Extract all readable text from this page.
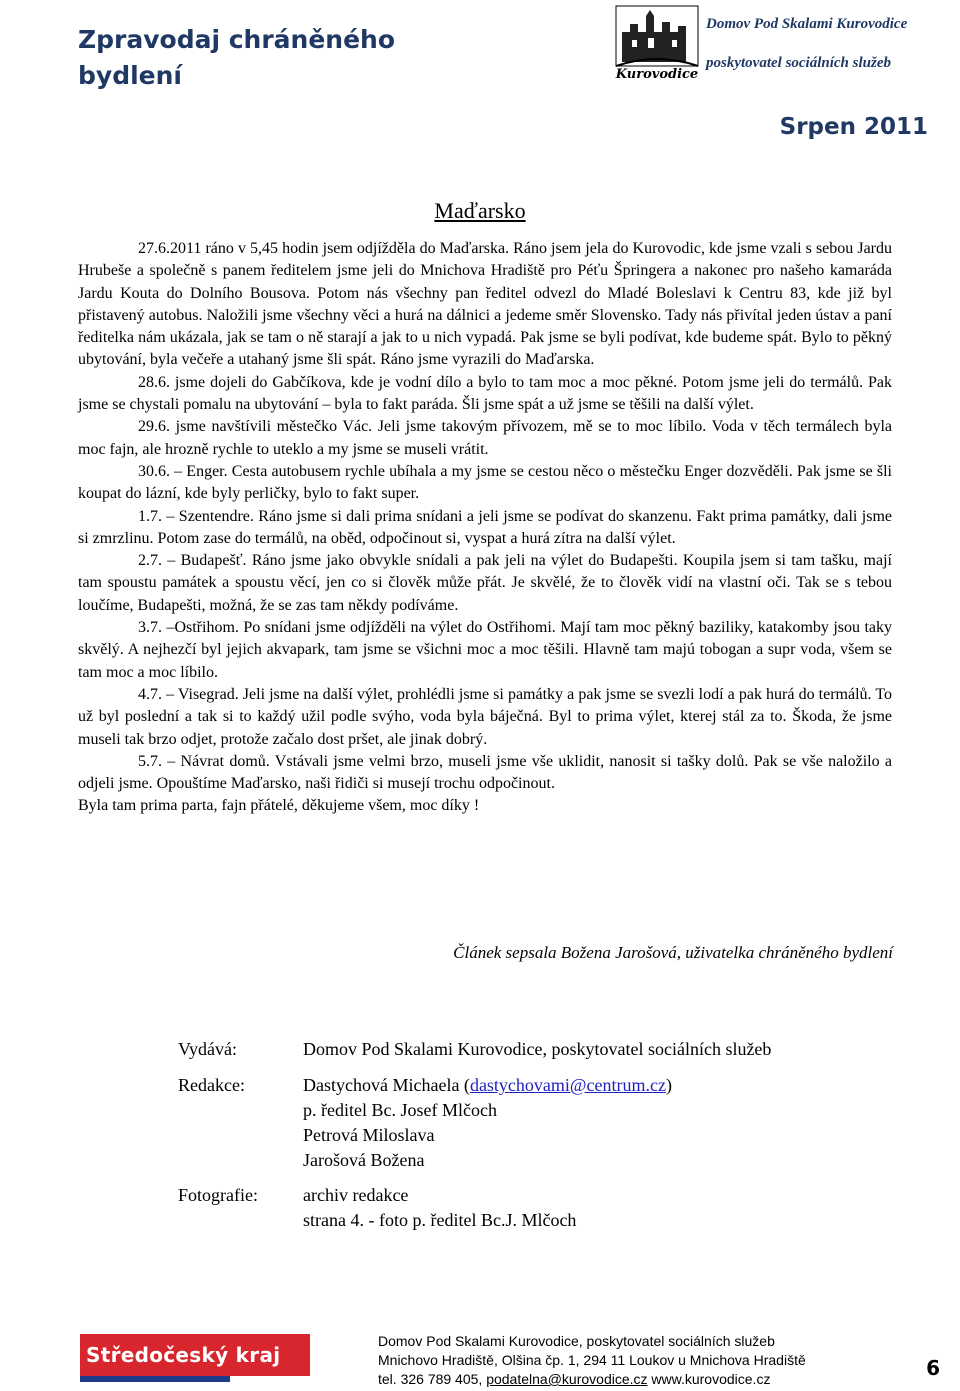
Zpravodaj chráněného bydlení	Kurovodice
Domov Pod Skalami Kurovodice
poskytovatel sociálních služeb
Srpen 2011
Maďarsko

27.6.2011 ráno v 5,45 hodin jsem odjížděla do Maďarska. Ráno jsem jela do Kurovodic, kde jsme vzali s sebou Jardu Hrubeše a společně s panem ředitelem jsme jeli do Mnichova Hradiště pro Péťu Špringera a nakonec pro našeho kamaráda Jardu Kouta do Dolního Bousova. Potom nás všechny pan ředitel odvezl do Mladé Boleslavi k Centru 83, kde již byl přistavený autobus. Naložili jsme všechny věci a hurá na dálnici a jedeme směr Slovensko. Tady nás přivítal jeden ústav a paní ředitelka nám ukázala, jak se tam o ně starají a jak to u nich vypadá. Pak jsme se byli podívat, kde budeme spát. Bylo to pěkný ubytování, byla večeře a utahaný jsme šli spát. Ráno jsme vyrazili do Maďarska.

28.6. jsme dojeli do Gabčíkova, kde je vodní dílo a bylo to tam moc a moc pěkné. Potom jsme jeli do termálů. Pak jsme se chystali pomalu na ubytování – byla to fakt paráda. Šli jsme spát a už jsme se těšili na další výlet.

29.6. jsme navštívili městečko Vác. Jeli jsme takovým přívozem, mě se to moc líbilo. Voda v těch termálech byla moc fajn, ale hrozně rychle to uteklo a my jsme se museli vrátit.

30.6. – Enger. Cesta autobusem rychle ubíhala a my jsme se cestou něco o městečku Enger dozvěděli. Pak jsme se šli koupat do lázní, kde byly perličky, bylo to fakt super.

1.7. – Szentendre. Ráno jsme si dali prima snídani a jeli jsme se podívat do skanzenu. Fakt prima památky, dali jsme si zmrzlinu. Potom zase do termálů, na oběd, odpočinout si, vyspat a hurá zítra na další výlet.

2.7. – Budapešť. Ráno jsme jako obvykle snídali a pak jeli na výlet do Budapešti. Koupila jsem si tam tašku, mají tam spoustu památek a spoustu věcí, jen co si člověk může přát. Je skvělé, že to člověk vidí na vlastní oči. Tak se s tebou loučíme, Budapešti, možná, že se zas tam někdy podíváme.

3.7. –Ostřihom. Po snídani jsme odjížděli na výlet do Ostřihomi. Mají tam moc pěkný baziliky, katakomby jsou taky skvělý. A nejhezčí byl jejich akvapark, tam jsme se všichni moc a moc těšili. Hlavně tam majú tobogan a supr voda, všem se tam moc a moc líbilo.

4.7. – Visegrad. Jeli jsme na další výlet, prohlédli jsme si památky a pak jsme se svezli lodí a pak hurá do termálů. To už byl poslední a tak si to každý užil podle svýho, voda byla báječná. Byl to prima výlet, kterej stál za to. Škoda, že jsme museli tak brzo odjet, protože začalo dost pršet, ale jinak dobrý.

5.7. – Návrat domů. Vstávali jsme velmi brzo, museli jsme vše uklidit, nanosit si tašky dolů. Pak se vše naložilo a odjeli jsme. Opouštíme Maďarsko, naši řidiči si musejí trochu odpočinout.

Byla tam prima parta, fajn přátelé, děkujeme všem, moc díky !

Článek sepsala Božena Jarošová, uživatelka chráněného bydlení
Vydává:	Domov Pod Skalami Kurovodice, poskytovatel sociálních služeb
Redakce:	Dastychová Michaela (dastychovami@centrum.cz)
p. ředitel Bc. Josef Mlčoch
Petrová Miloslava
Jarošová Božena
Fotografie:	archiv redakce
strana 4. - foto p. ředitel Bc.J. Mlčoch
Středočeský kraj
Domov Pod Skalami Kurovodice, poskytovatel sociálních služeb
Mnichovo Hradiště, Olšina čp. 1, 294 11 Loukov u Mnichova Hradiště
tel. 326 789 405, podatelna@kurovodice.cz www.kurovodice.cz	6
